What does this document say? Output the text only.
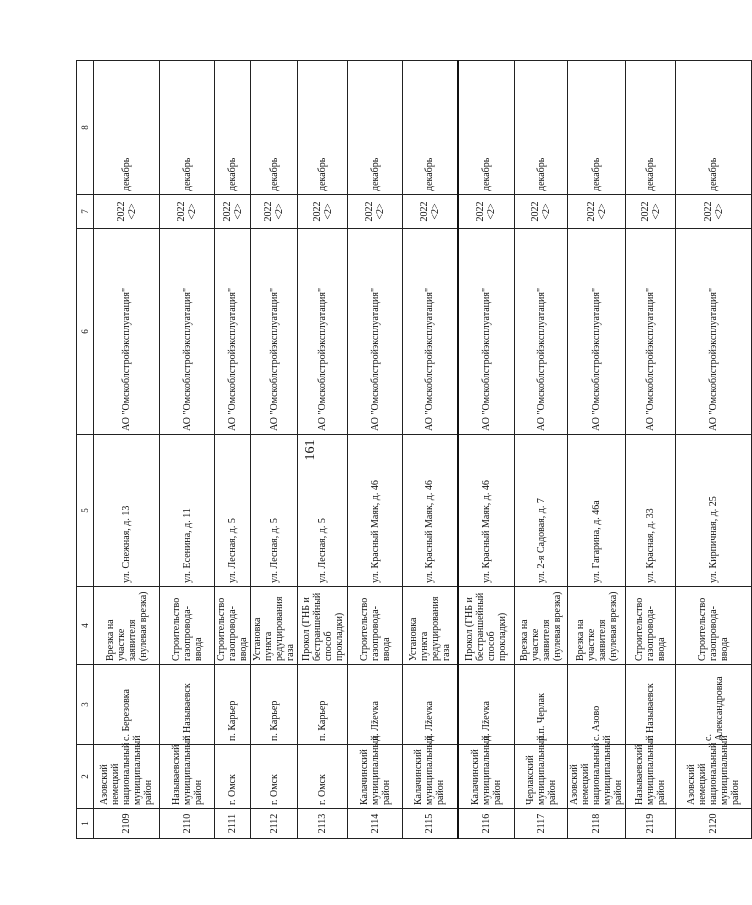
161
1	2	3	4	5	6	7	8
2109	Азовский немецкий национальный муниципальный район	с. Березовка	Врезка на участке заявителя (нулевая врезка)	ул. Снежная, д. 13	АО "Омскоблстройэксплуатация"	2022 <2>	декабрь
2110	Называевский муниципальный район	г. Называевск	Строительство газопровода-ввода	ул. Есенина, д. 11	АО "Омскоблстройэксплуатация"	2022 <2>	декабрь
2111	г. Омск	п. Карьер	Строительство газопровода-ввода	ул. Лесная, д. 5	АО "Омскоблстройэксплуатация"	2022 <2>	декабрь
2112	г. Омск	п. Карьер	Установка пункта редуцирования газа	ул. Лесная, д. 5	АО "Омскоблстройэксплуатация"	2022 <2>	декабрь
2113	г. Омск	п. Карьер	Прокол (ГНБ и бестраншейный способ прокладки)	ул. Лесная, д. 5	АО "Омскоблстройэксплуатация"	2022 <2>	декабрь
2114	Калачинский муниципальный район	д. Лževка	Строительство газопровода-ввода	ул. Красный Маяк, д. 46	АО "Омскоблстройэксплуатация"	2022 <2>	декабрь
2115	Калачинский муниципальный район	д. Лževка	Установка пункта редуцирования газа	ул. Красный Маяк, д. 46	АО "Омскоблстройэксплуатация"	2022 <2>	декабрь
2116	Калачинский муниципальный район	д. Лževка	Прокол (ГНБ и бестраншейный способ прокладки)	ул. Красный Маяк, д. 46	АО "Омскоблстройэксплуатация"	2022 <2>	декабрь
2117	Черлакский муниципальный район	р.п. Черлак	Врезка на участке заявителя (нулевая врезка)	ул. 2-я Садовая, д. 7	АО "Омскоблстройэксплуатация"	2022 <2>	декабрь
2118	Азовский немецкий национальный муниципальный район	с. Азово	Врезка на участке заявителя (нулевая врезка)	ул. Гагарина, д. 46а	АО "Омскоблстройэксплуатация"	2022 <2>	декабрь
2119	Называевский муниципальный район	г. Называевск	Строительство газопровода-ввода	ул. Красная, д. 33	АО "Омскоблстройэксплуатация"	2022 <2>	декабрь
2120	Азовский немецкий национальный муниципальный район	с. Александровка	Строительство газопровода-ввода	ул. Кирпичная, д. 25	АО "Омскоблстройэксплуатация"	2022 <2>	декабрь
